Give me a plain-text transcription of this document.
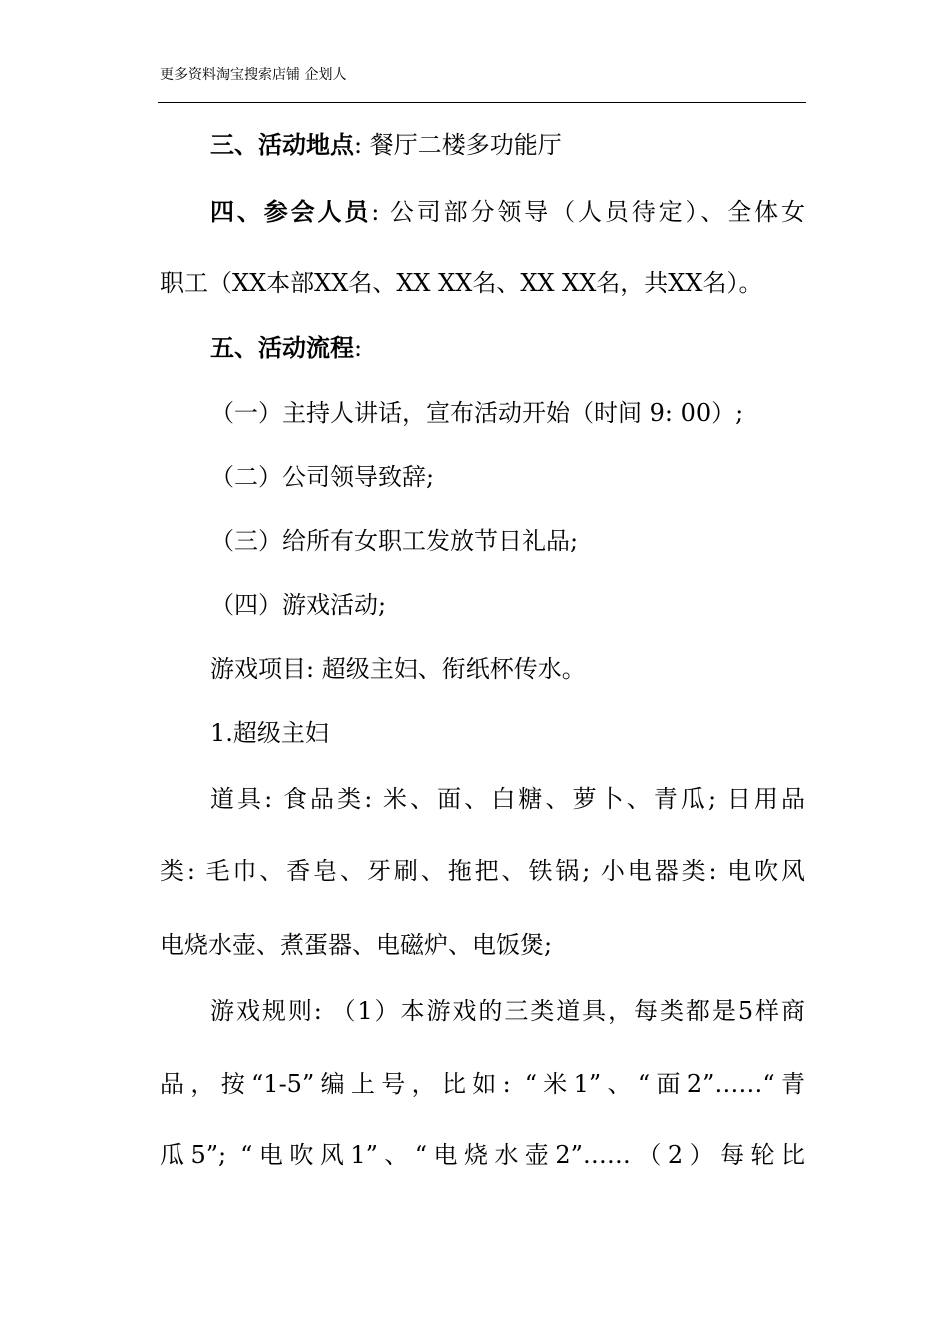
更多资料淘宝搜索店铺 企划人
三、活动地点: 餐厅二楼多功能厅
四、参会人员: 公司部分领导（人员待定）、全体女
职工（XX本部XX名、XX XX名、XX XX名，共XX名）。
五、活动流程:
（一）主持人讲话，宣布活动开始（时间 9: 00）;
（二）公司领导致辞;
（三）给所有女职工发放节日礼品;
（四）游戏活动;
游戏项目: 超级主妇、衔纸杯传水。
1.超级主妇
道具: 食品类: 米、面、白糖、萝卜、青瓜; 日用品
类: 毛巾、香皂、牙刷、拖把、铁锅; 小电器类: 电吹风
电烧水壶、煮蛋器、电磁炉、电饭煲;
游戏规则: （1）本游戏的三类道具，每类都是5样商
品，按“1-5”编上号，比如: “米1”、“面2”……“青
瓜5”; “电吹风1”、“电烧水壶2”……（2）每轮比
